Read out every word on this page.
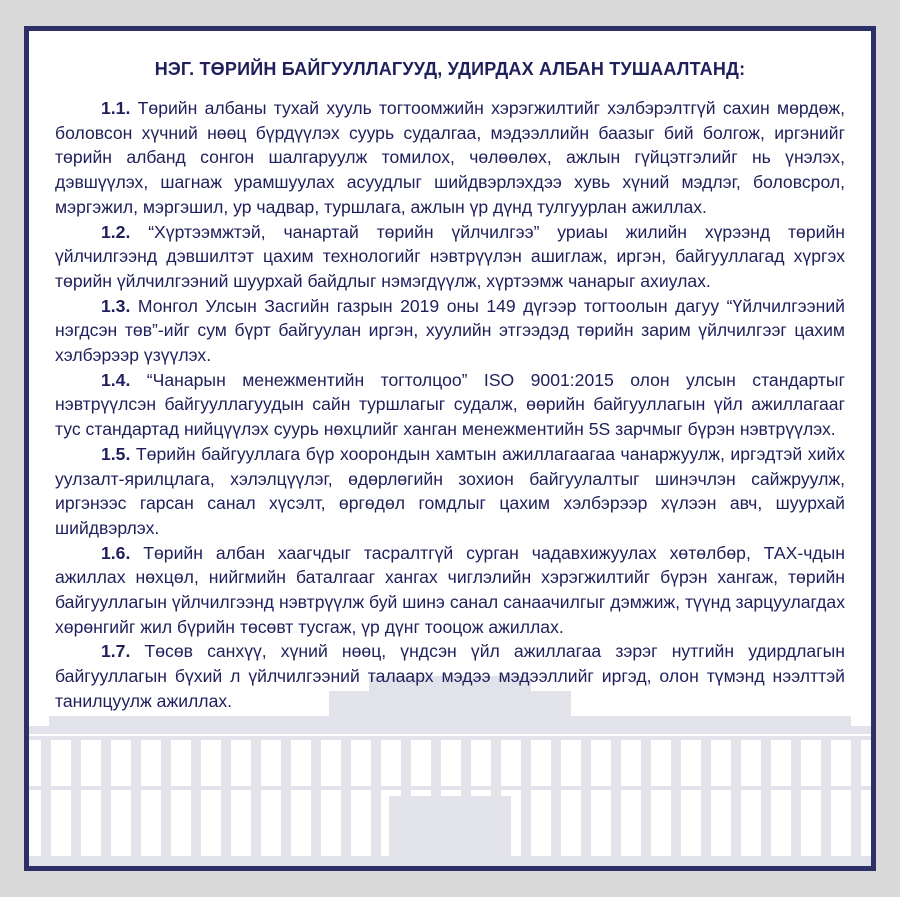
НЭГ. ТӨРИЙН БАЙГУУЛЛАГУУД, УДИРДАХ АЛБАН ТУШААЛТАНД:

1.1. Төрийн албаны тухай хууль тогтоомжийн хэрэгжилтийг хэлбэрэлтгүй сахин мөрдөж, боловсон хүчний нөөц бүрдүүлэх суурь судалгаа, мэдээллийн баазыг бий болгож, иргэнийг төрийн албанд сонгон шалгаруулж томилох, чөлөөлөх, ажлын гүйцэтгэлийг нь үнэлэх, дэвшүүлэх, шагнаж урамшуулах асуудлыг шийдвэрлэхдээ хувь хүний мэдлэг, боловсрол, мэргэжил, мэргэшил, ур чадвар, туршлага, ажлын үр дүнд тулгуурлан ажиллах.

1.2. “Хүртээмжтэй, чанартай төрийн үйлчилгээ” уриаы жилийн хүрээнд төрийн үйлчилгээнд дэвшилтэт цахим технологийг нэвтрүүлэн ашиглаж, иргэн, байгууллагад хүргэх төрийн үйлчилгээний шуурхай байдлыг нэмэгдүүлж, хүртээмж чанарыг ахиулах.

1.3. Монгол Улсын Засгийн газрын 2019 оны 149 дүгээр тогтоолын дагуу “Үйлчилгээний нэгдсэн төв”-ийг сум бүрт байгуулан иргэн, хуулийн этгээдэд төрийн зарим үйлчилгээг цахим хэлбэрээр үзүүлэх.

1.4. “Чанарын менежментийн тогтолцоо” ISO 9001:2015 олон улсын стандартыг нэвтрүүлсэн байгууллагуудын сайн туршлагыг судалж, өөрийн байгууллагын үйл ажиллагааг тус стандартад нийцүүлэх суурь нөхцлийг ханган менежментийн 5S зарчмыг бүрэн нэвтрүүлэх.

1.5. Төрийн байгууллага бүр хоорондын хамтын ажиллагаагаа чанаржуулж, иргэдтэй хийх уулзалт-ярилцлага, хэлэлцүүлэг, өдөрлөгийн зохион байгуулалтыг шинэчлэн сайжруулж, иргэнээс гарсан санал хүсэлт, өргөдөл гомдлыг цахим хэлбэрээр хүлээн авч, шуурхай шийдвэрлэх.

1.6. Төрийн албан хаагчдыг тасралтгүй сурган чадавхижуулах хөтөлбөр, ТАХ-чдын ажиллах нөхцөл, нийгмийн баталгааг хангах чиглэлийн хэрэгжилтийг бүрэн хангаж, төрийн байгууллагын үйлчилгээнд нэвтрүүлж буй шинэ санал санаачилгыг дэмжиж, түүнд зарцуулагдах хөрөнгийг жил бүрийн төсөвт тусгаж, үр дүнг тооцож ажиллах.

1.7. Төсөв санхүү, хүний нөөц, үндсэн үйл ажиллагаа зэрэг нутгийн удирдлагын байгууллагын бүхий л үйлчилгээний талаарх мэдээ мэдээллийг иргэд, олон түмэнд нээлттэй танилцуулж ажиллах.
